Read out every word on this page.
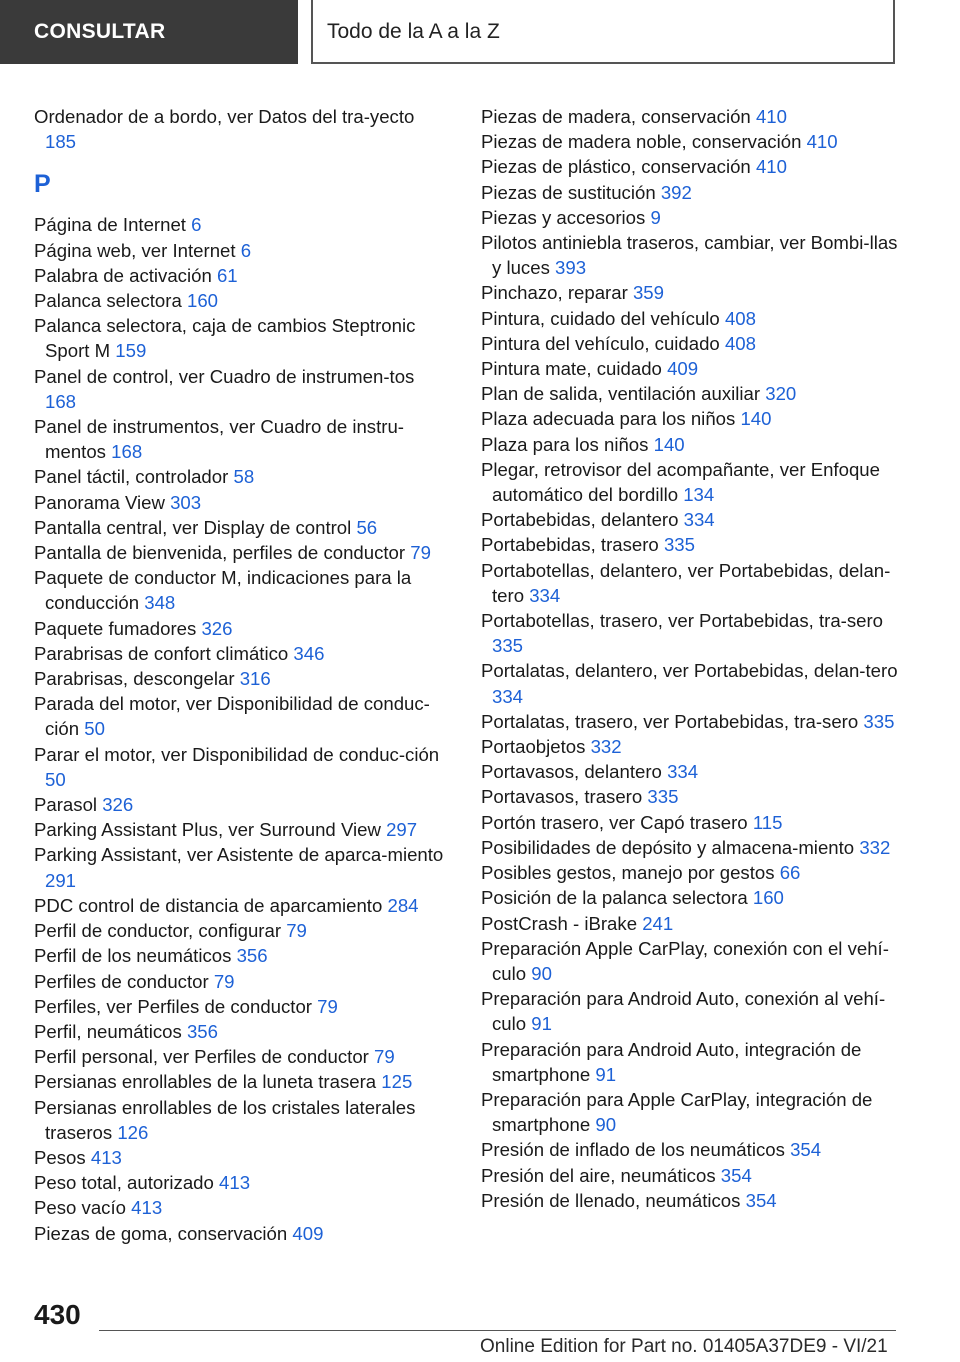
CONSULTAR	Todo de la A a la Z

Ordenador de a bordo, ver Datos del tra‐yecto 185

P

Página de Internet 6

Página web, ver Internet 6

Palabra de activación 61

Palanca selectora 160

Palanca selectora, caja de cambios Steptronic Sport M 159

Panel de control, ver Cuadro de instrumen‐tos 168

Panel de instrumentos, ver Cuadro de instru‐mentos 168

Panel táctil, controlador 58

Panorama View 303

Pantalla central, ver Display de control 56

Pantalla de bienvenida, perfiles de conductor 79

Paquete de conductor M, indicaciones para la conducción 348

Paquete fumadores 326

Parabrisas de confort climático 346

Parabrisas, descongelar 316

Parada del motor, ver Disponibilidad de conduc‐ción 50

Parar el motor, ver Disponibilidad de conduc‐ción 50

Parasol 326

Parking Assistant Plus, ver Surround View 297

Parking Assistant, ver Asistente de aparca‐miento 291

PDC control de distancia de aparcamiento 284

Perfil de conductor, configurar 79

Perfil de los neumáticos 356

Perfiles de conductor 79

Perfiles, ver Perfiles de conductor 79

Perfil, neumáticos 356

Perfil personal, ver Perfiles de conductor 79

Persianas enrollables de la luneta trasera 125

Persianas enrollables de los cristales laterales traseros 126

Pesos 413

Peso total, autorizado 413

Peso vacío 413

Piezas de goma, conservación 409

Piezas de madera, conservación 410

Piezas de madera noble, conservación 410

Piezas de plástico, conservación 410

Piezas de sustitución 392

Piezas y accesorios 9

Pilotos antiniebla traseros, cambiar, ver Bombi‐llas y luces 393

Pinchazo, reparar 359

Pintura, cuidado del vehículo 408

Pintura del vehículo, cuidado 408

Pintura mate, cuidado 409

Plan de salida, ventilación auxiliar 320

Plaza adecuada para los niños 140

Plaza para los niños 140

Plegar, retrovisor del acompañante, ver Enfoque automático del bordillo 134

Portabebidas, delantero 334

Portabebidas, trasero 335

Portabotellas, delantero, ver Portabebidas, delan‐tero 334

Portabotellas, trasero, ver Portabebidas, tra‐sero 335

Portalatas, delantero, ver Portabebidas, delan‐tero 334

Portalatas, trasero, ver Portabebidas, tra‐sero 335

Portaobjetos 332

Portavasos, delantero 334

Portavasos, trasero 335

Portón trasero, ver Capó trasero 115

Posibilidades de depósito y almacena‐miento 332

Posibles gestos, manejo por gestos 66

Posición de la palanca selectora 160

PostCrash - iBrake 241

Preparación Apple CarPlay, conexión con el vehí‐culo 90

Preparación para Android Auto, conexión al vehí‐culo 91

Preparación para Android Auto, integración de smartphone 91

Preparación para Apple CarPlay, integración de smartphone 90

Presión de inflado de los neumáticos 354

Presión del aire, neumáticos 354

Presión de llenado, neumáticos 354

430
Online Edition for Part no. 01405A37DE9 - VI/21
